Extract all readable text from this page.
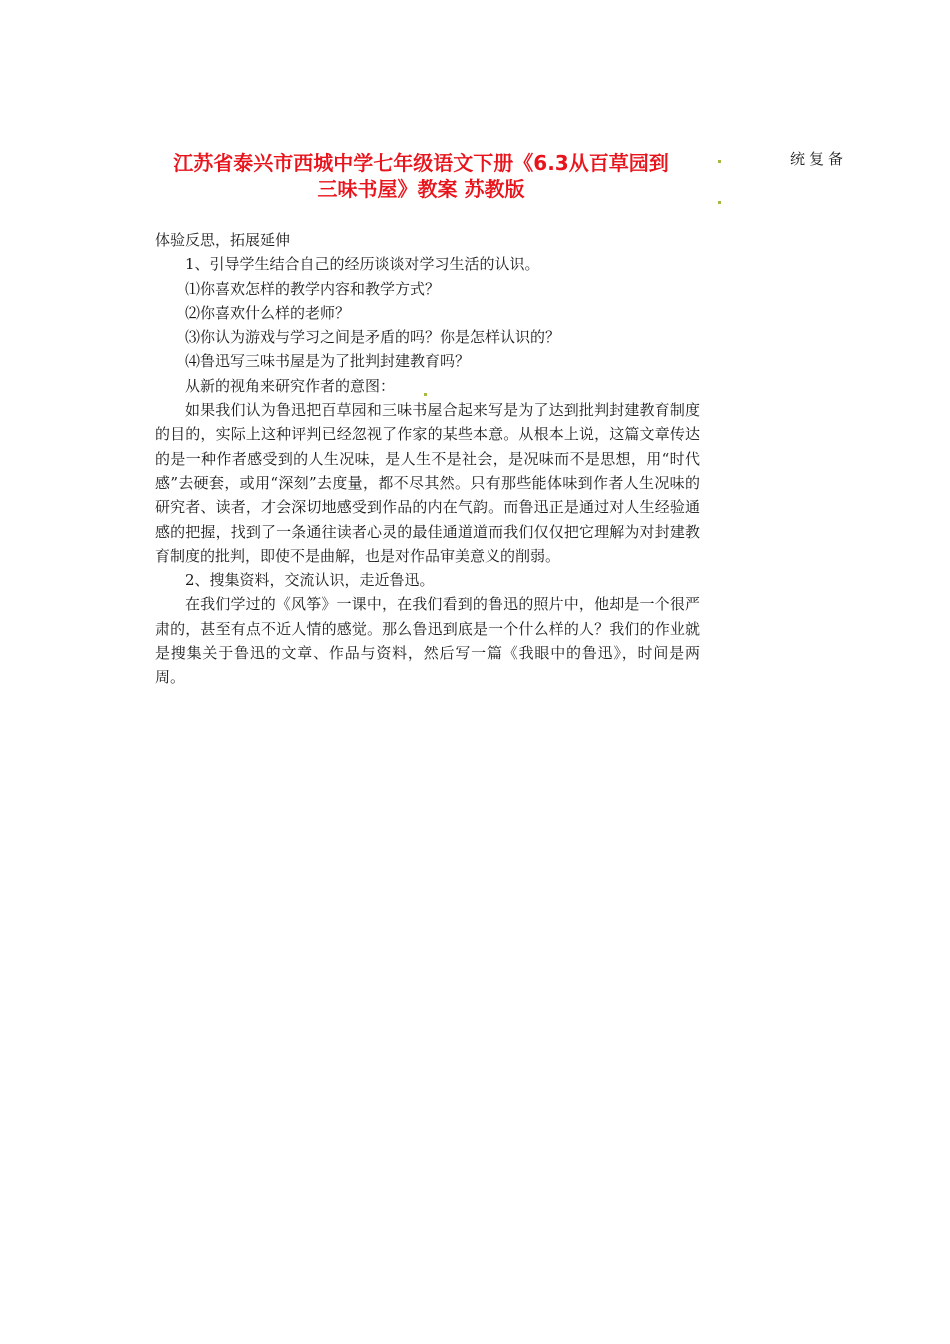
江苏省泰兴市西城中学七年级语文下册《6.3从百草园到
三味书屋》教案 苏教版
统复备

体验反思，拓展延伸

1、引导学生结合自己的经历谈谈对学习生活的认识。

⑴你喜欢怎样的教学内容和教学方式？

⑵你喜欢什么样的老师？

⑶你认为游戏与学习之间是矛盾的吗？你是怎样认识的？

⑷鲁迅写三味书屋是为了批判封建教育吗？

从新的视角来研究作者的意图：

如果我们认为鲁迅把百草园和三味书屋合起来写是为了达到批判封建教育制度的目的，实际上这种评判已经忽视了作家的某些本意。从根本上说，这篇文章传达的是一种作者感受到的人生况味，是人生不是社会，是况味而不是思想，用“时代感”去硬套，或用“深刻”去度量，都不尽其然。只有那些能体味到作者人生况味的研究者、读者，才会深切地感受到作品的内在气韵。而鲁迅正是通过对人生经验通感的把握，找到了一条通往读者心灵的最佳通道道而我们仅仅把它理解为对封建教育制度的批判，即使不是曲解，也是对作品审美意义的削弱。

2、搜集资料，交流认识，走近鲁迅。

在我们学过的《风筝》一课中，在我们看到的鲁迅的照片中，他却是一个很严肃的，甚至有点不近人情的感觉。那么鲁迅到底是一个什么样的人？我们的作业就是搜集关于鲁迅的文章、作品与资料，然后写一篇《我眼中的鲁迅》，时间是两周。
